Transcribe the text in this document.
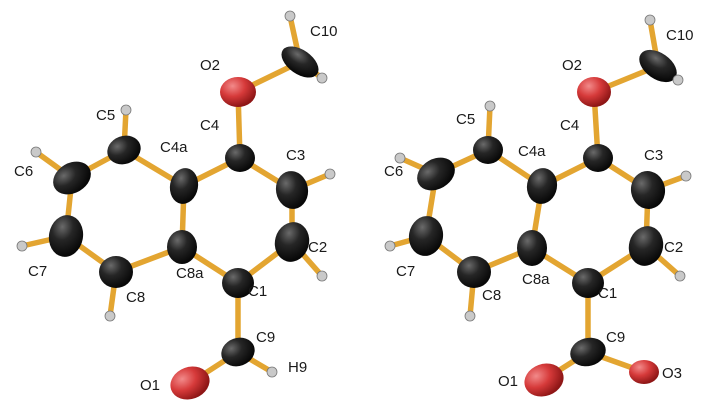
C10
O2
C5
C4
C4a	C3
C6
C2
C7	C8a
C8	C1
C9
H9
O1
C10
O2
C5	C4
C4a	C3
C6
C2
C7	C8a
C8	C1
C9
O1	O3
